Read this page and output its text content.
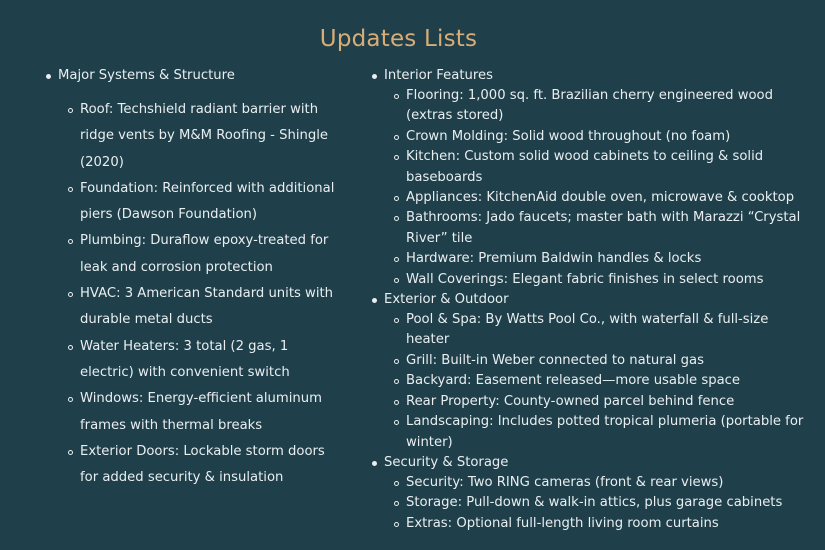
Updates Lists
Major Systems & Structure
Roof: Techshield radiant barrier with ridge vents by M&M Roofing - Shingle (2020)
Foundation: Reinforced with additional piers (Dawson Foundation)
Plumbing: Duraflow epoxy-treated for leak and corrosion protection
HVAC: 3 American Standard units with durable metal ducts
Water Heaters: 3 total (2 gas, 1 electric) with convenient switch
Windows: Energy-efficient aluminum frames with thermal breaks
Exterior Doors: Lockable storm doors for added security & insulation
Interior Features
Flooring: 1,000 sq. ft. Brazilian cherry engineered wood (extras stored)
Crown Molding: Solid wood throughout (no foam)
Kitchen: Custom solid wood cabinets to ceiling & solid baseboards
Appliances: KitchenAid double oven, microwave & cooktop
Bathrooms: Jado faucets; master bath with Marazzi “Crystal River” tile
Hardware: Premium Baldwin handles & locks
Wall Coverings: Elegant fabric finishes in select rooms
Exterior & Outdoor
Pool & Spa: By Watts Pool Co., with waterfall & full-size heater
Grill: Built-in Weber connected to natural gas
Backyard: Easement released—more usable space
Rear Property: County-owned parcel behind fence
Landscaping: Includes potted tropical plumeria (portable for winter)
Security & Storage
Security: Two RING cameras (front & rear views)
Storage: Pull-down & walk-in attics, plus garage cabinets
Extras: Optional full-length living room curtains
